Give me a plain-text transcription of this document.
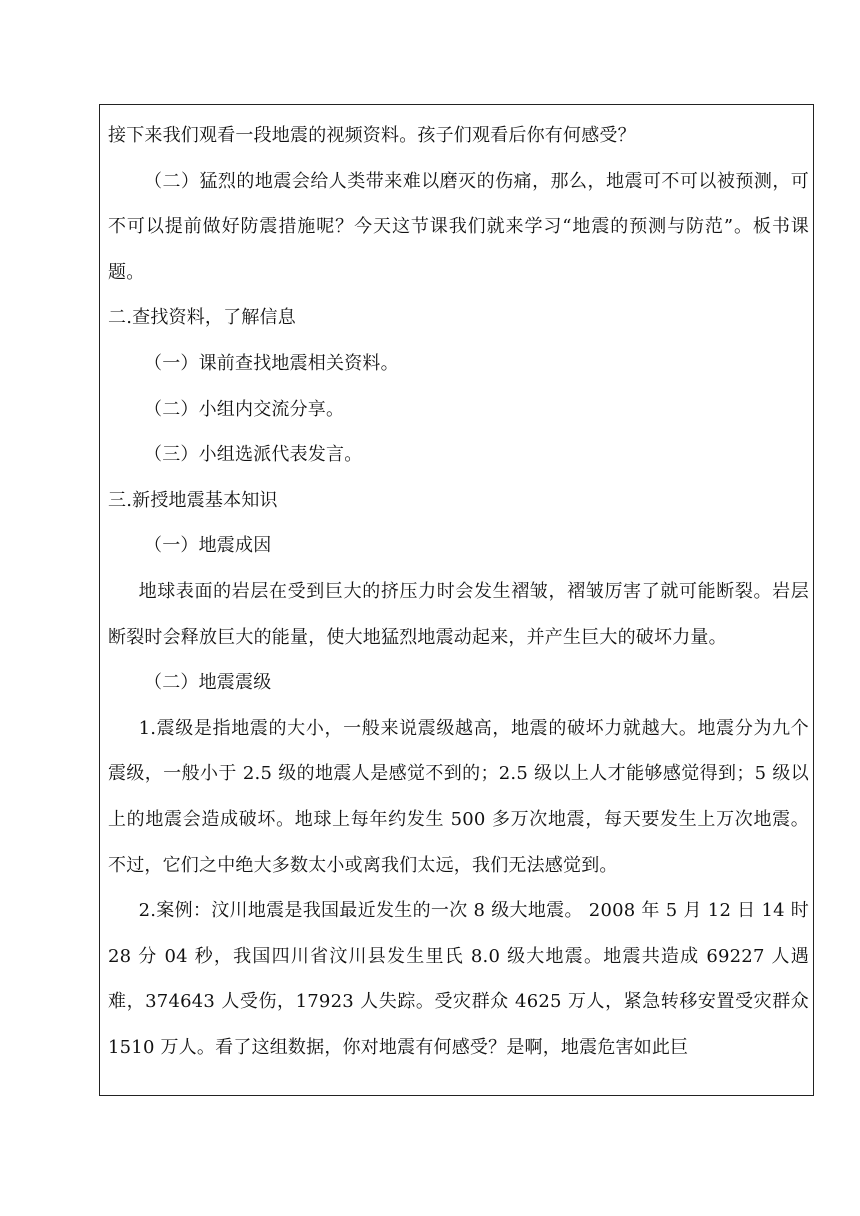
接下来我们观看一段地震的视频资料。孩子们观看后你有何感受？

（二）猛烈的地震会给人类带来难以磨灭的伤痛，那么，地震可不可以被预测，可不可以提前做好防震措施呢？今天这节课我们就来学习“地震的预测与防范”。板书课题。

二.查找资料，了解信息

（一）课前查找地震相关资料。

（二）小组内交流分享。

（三）小组选派代表发言。

三.新授地震基本知识

（一）地震成因

地球表面的岩层在受到巨大的挤压力时会发生褶皱，褶皱厉害了就可能断裂。岩层断裂时会释放巨大的能量，使大地猛烈地震动起来，并产生巨大的破坏力量。

（二）地震震级

1.震级是指地震的大小，一般来说震级越高，地震的破坏力就越大。地震分为九个震级，一般小于 2.5 级的地震人是感觉不到的；2.5 级以上人才能够感觉得到；5 级以上的地震会造成破坏。地球上每年约发生 500 多万次地震，每天要发生上万次地震。不过，它们之中绝大多数太小或离我们太远，我们无法感觉到。

2.案例：汶川地震是我国最近发生的一次 8 级大地震。 2008 年 5 月 12 日 14 时 28 分 04 秒，我国四川省汶川县发生里氏 8.0 级大地震。地震共造成 69227 人遇难，374643 人受伤，17923 人失踪。受灾群众 4625 万人，紧急转移安置受灾群众 1510 万人。看了这组数据，你对地震有何感受？是啊，地震危害如此巨
